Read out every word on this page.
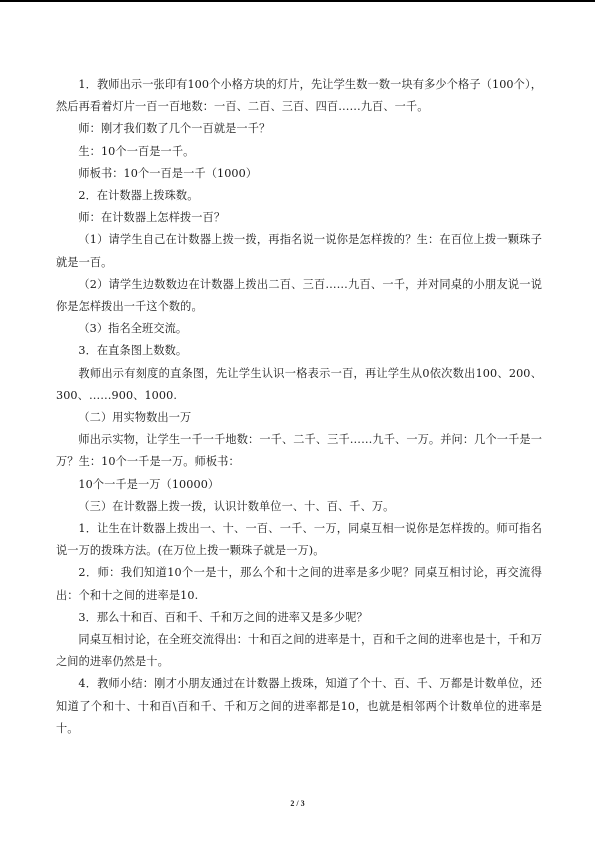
1．教师出示一张印有100个小格方块的灯片，先让学生数一数一块有多少个格子（100个），然后再看着灯片一百一百地数：一百、二百、三百、四百……九百、一千。

师：刚才我们数了几个一百就是一千？

生：10个一百是一千。

师板书：10个一百是一千（1000）

2．在计数器上拨珠数。

师：在计数器上怎样拨一百？

（1）请学生自己在计数器上拨一拨，再指名说一说你是怎样拨的？生：在百位上拨一颗珠子就是一百。

（2）请学生边数数边在计数器上拨出二百、三百……九百、一千，并对同桌的小朋友说一说你是怎样拨出一千这个数的。

（3）指名全班交流。

3．在直条图上数数。

教师出示有刻度的直条图，先让学生认识一格表示一百，再让学生从0依次数出100、200、300、……900、1000.

（二）用实物数出一万

师出示实物，让学生一千一千地数：一千、二千、三千……九千、一万。并问：几个一千是一万？生：10个一千是一万。师板书：

10个一千是一万（10000）

（三）在计数器上拨一拨，认识计数单位一、十、百、千、万。

1．让生在计数器上拨出一、十、一百、一千、一万，同桌互相一说你是怎样拨的。师可指名说一万的拨珠方法。(在万位上拨一颗珠子就是一万)。

2．师：我们知道10个一是十，那么个和十之间的进率是多少呢？同桌互相讨论，再交流得出：个和十之间的进率是10.

3．那么十和百、百和千、千和万之间的进率又是多少呢？

同桌互相讨论，在全班交流得出：十和百之间的进率是十，百和千之间的进率也是十，千和万之间的进率仍然是十。

4．教师小结：刚才小朋友通过在计数器上拨珠，知道了个十、百、千、万都是计数单位，还知道了个和十、十和百\百和千、千和万之间的进率都是10，也就是相邻两个计数单位的进率是十。

2 / 3
